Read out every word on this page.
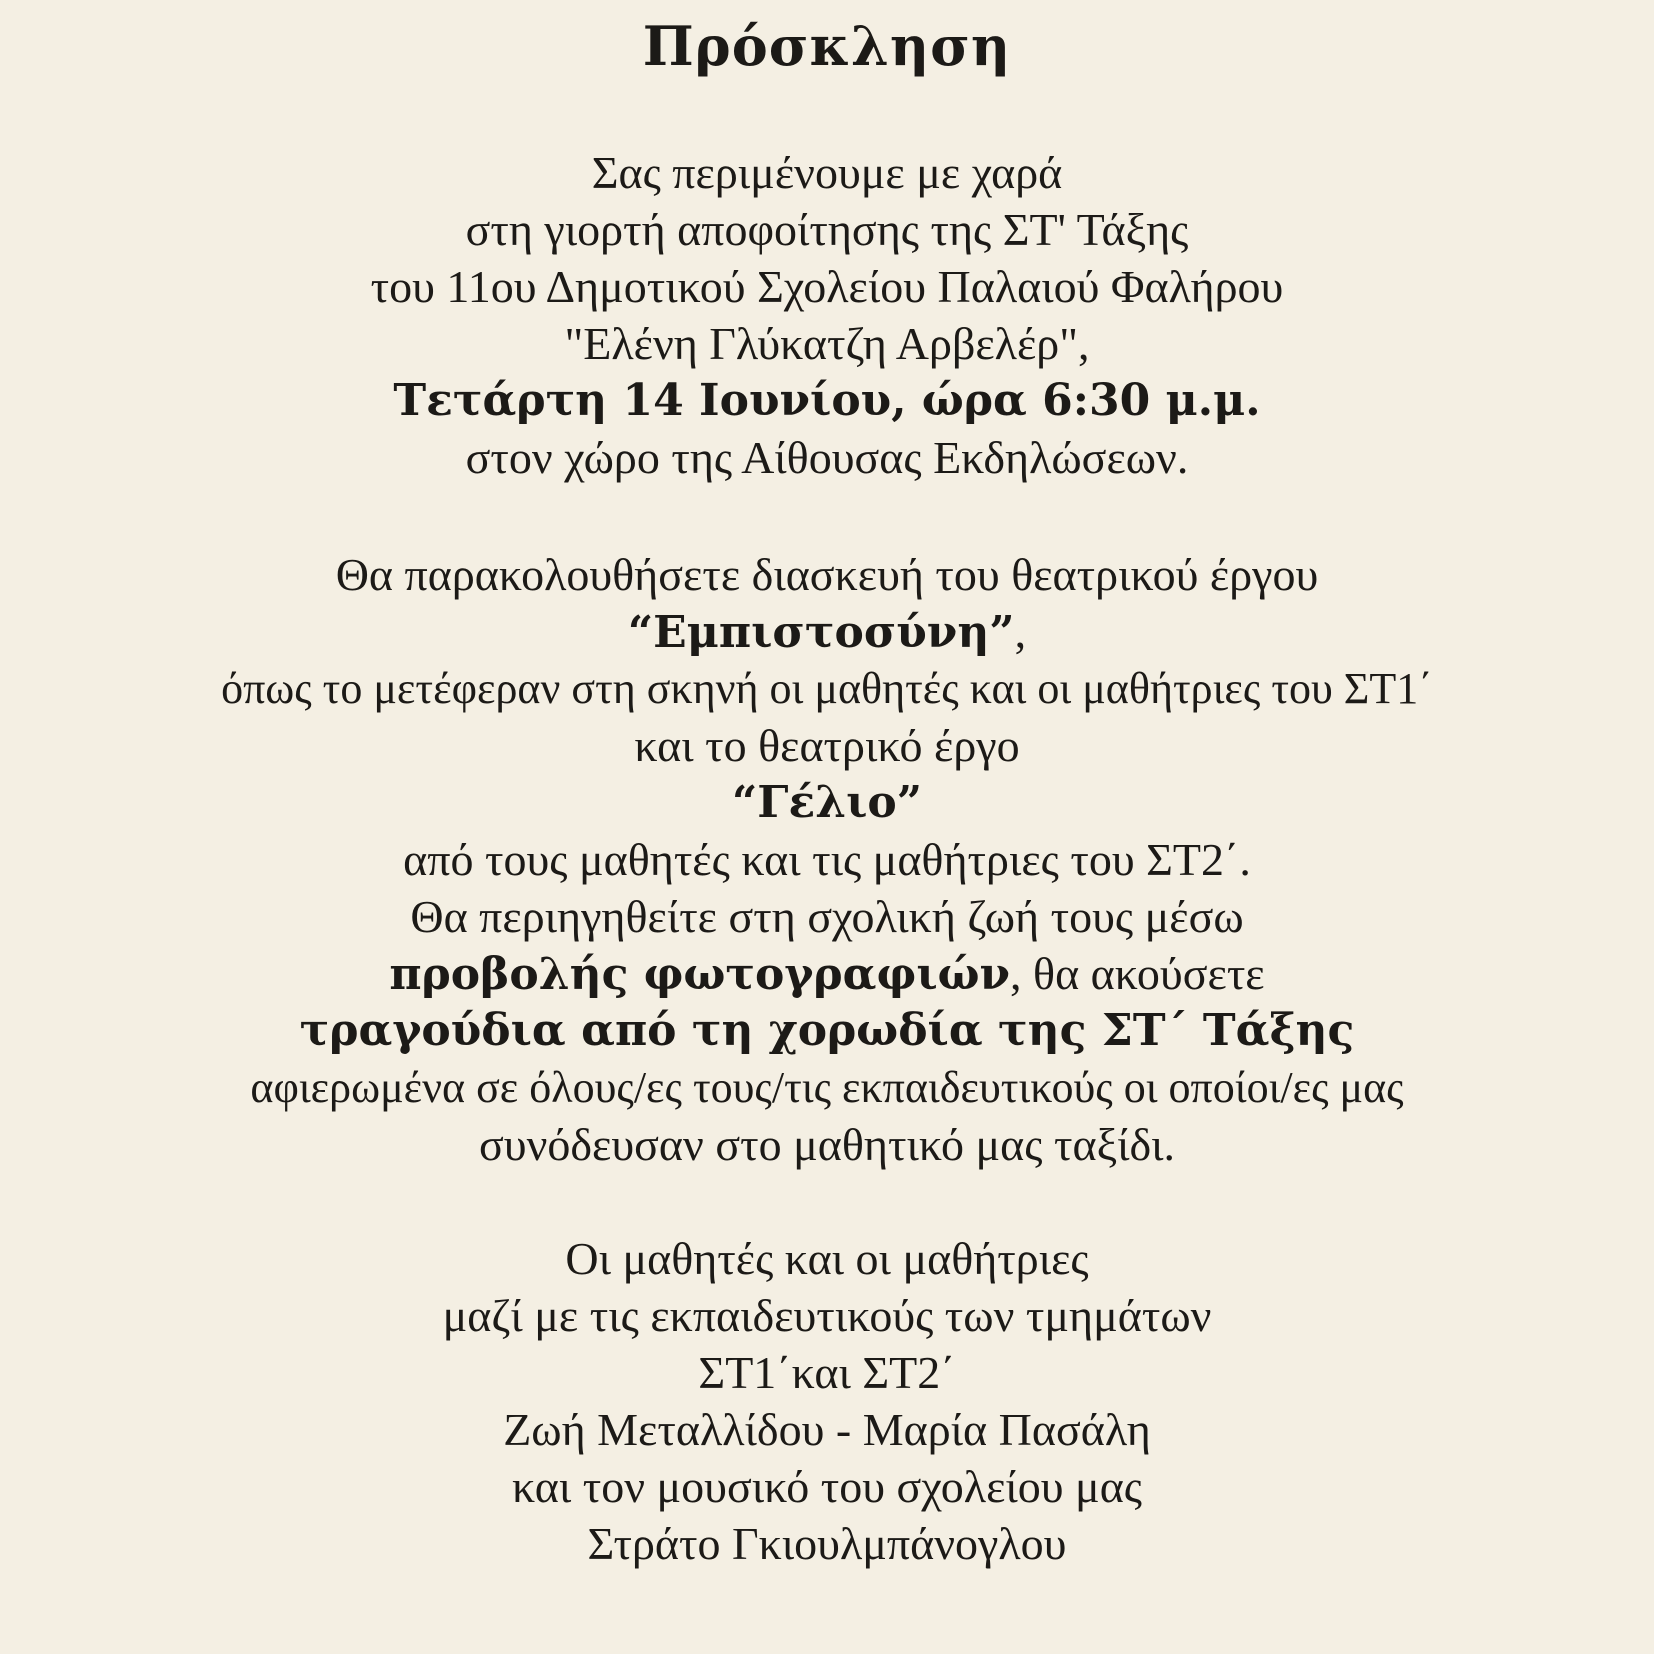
Πρόσκληση
Σας περιμένουμε με χαρά
στη γιορτή αποφοίτησης της ΣΤ' Τάξης
του 11ου Δημοτικού Σχολείου Παλαιού Φαλήρου
"Ελένη Γλύκατζη Αρβελέρ",
Τετάρτη 14 Ιουνίου, ώρα 6:30 μ.μ.
στον χώρο της Αίθουσας Εκδηλώσεων.
Θα παρακολουθήσετε διασκευή του θεατρικού έργου
“Εμπιστοσύνη”,
όπως το μετέφεραν στη σκηνή οι μαθητές και οι μαθήτριες του ΣΤ1΄
και το θεατρικό έργο
“Γέλιο”
από τους μαθητές και τις μαθήτριες του ΣΤ2΄.
Θα περιηγηθείτε στη σχολική ζωή τους μέσω
προβολής φωτογραφιών, θα ακούσετε
τραγούδια από τη χορωδία της ΣΤ΄ Τάξης
αφιερωμένα σε όλους/ες τους/τις εκπαιδευτικούς οι οποίοι/ες μας
συνόδευσαν στο μαθητικό μας ταξίδι.
Οι μαθητές και οι μαθήτριες
μαζί με τις εκπαιδευτικούς των τμημάτων
ΣΤ1΄και ΣΤ2΄
Ζωή Μεταλλίδου - Μαρία Πασάλη
και τον μουσικό του σχολείου μας
Στράτο Γκιουλμπάνογλου
